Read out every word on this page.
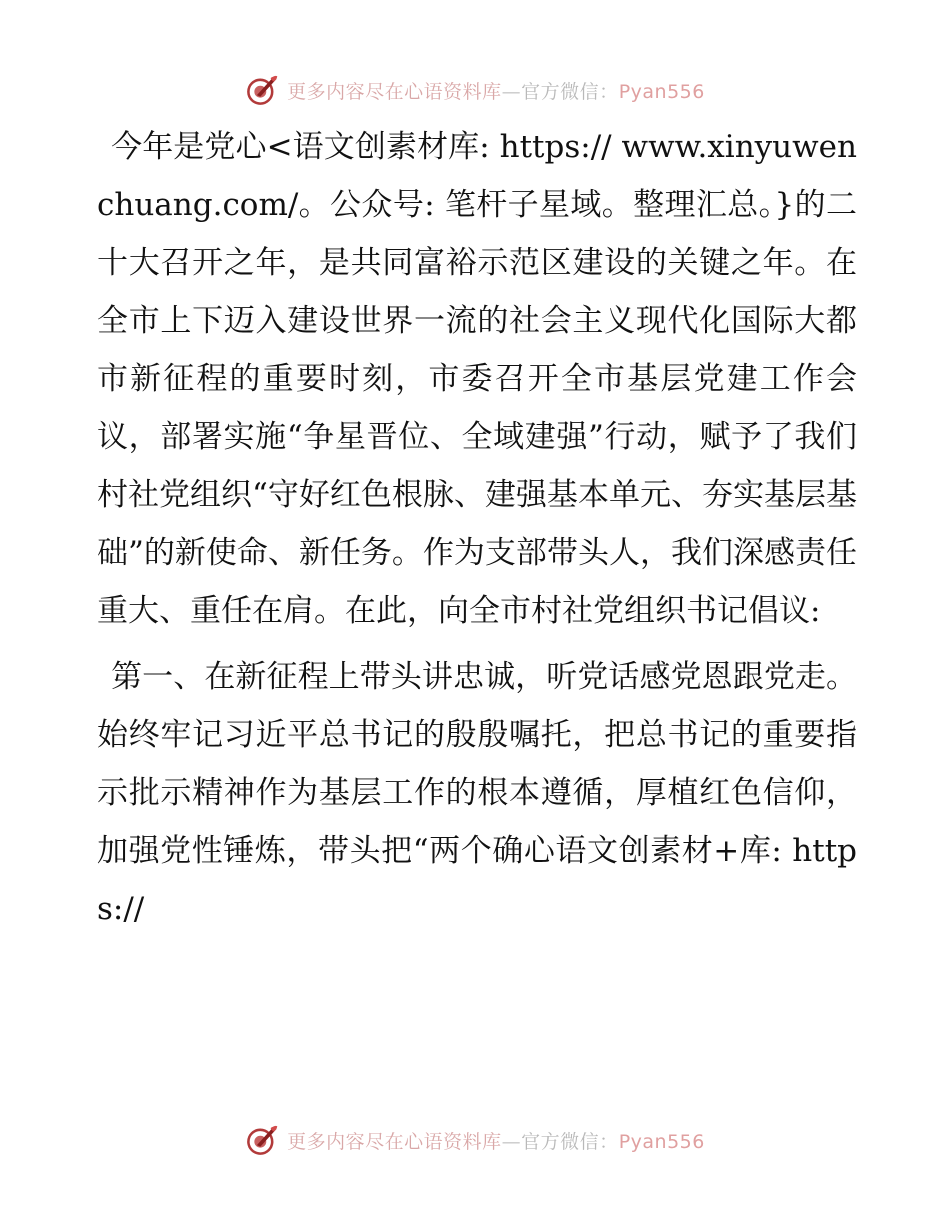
更多内容尽在心语资料库—官方微信：Pyan556

今年是党心<语文创素材库: https:// www.xinyuwenchuang.com/。公众号: 笔杆子星域。整理汇总。}的二十大召开之年，是共同富裕示范区建设的关键之年。在全市上下迈入建设世界一流的社会主义现代化国际大都市新征程的重要时刻，市委召开全市基层党建工作会议，部署实施“争星晋位、全域建强”行动，赋予了我们村社党组织“守好红色根脉、建强基本单元、夯实基层基础”的新使命、新任务。作为支部带头人，我们深感责任重大、重任在肩。在此，向全市村社党组织书记倡议:

第一、在新征程上带头讲忠诚，听党话感党恩跟党走。始终牢记习近平总书记的殷殷嘱托，把总书记的重要指示批示精神作为基层工作的根本遵循，厚植红色信仰，加强党性锤炼，带头把“两个确心语文创素材+库: https://

更多内容尽在心语资料库—官方微信：Pyan556
